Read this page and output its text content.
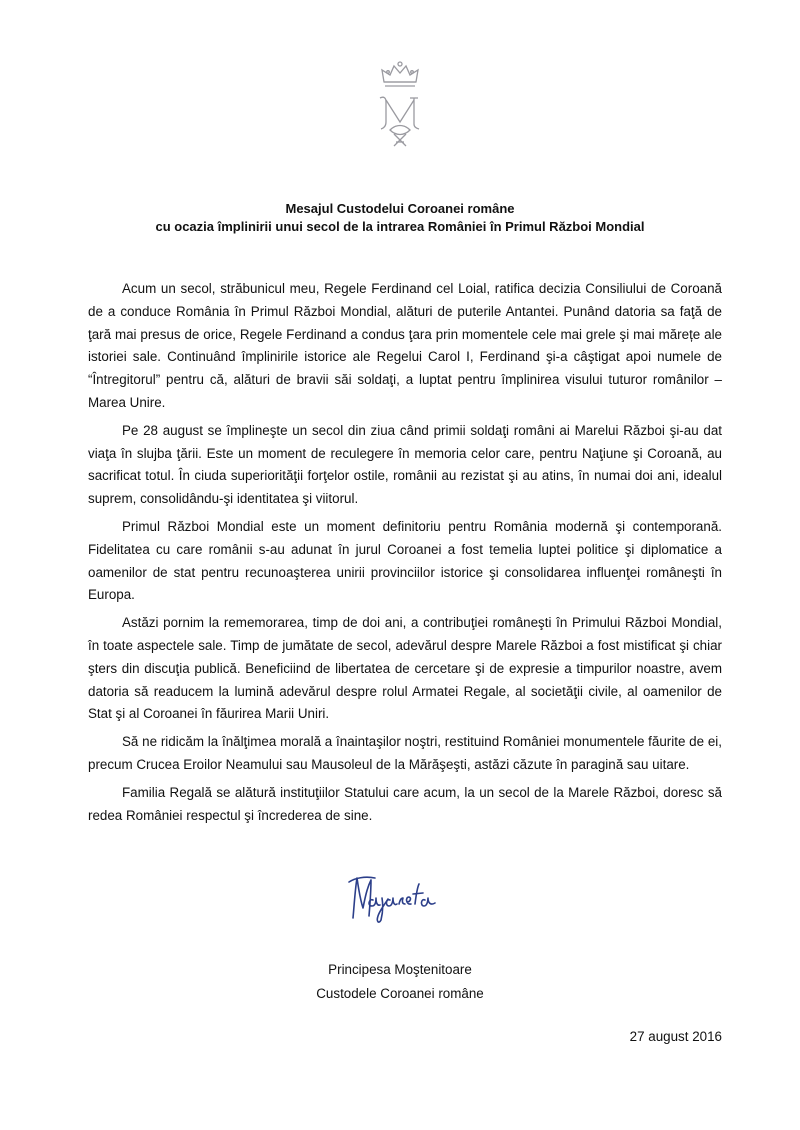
Mesajul Custodelui Coroanei române
cu ocazia împlinirii unui secol de la intrarea României în Primul Război Mondial

Acum un secol, străbunicul meu, Regele Ferdinand cel Loial, ratifica decizia Consiliului de Coroană de a conduce România în Primul Război Mondial, alături de puterile Antantei. Punând datoria sa faţă de ţară mai presus de orice, Regele Ferdinand a condus ţara prin momentele cele mai grele şi mai mărețe ale istoriei sale. Continuând împlinirile istorice ale Regelui Carol I, Ferdinand şi-a câştigat apoi numele de “Întregitorul” pentru că, alături de bravii săi soldaţi, a luptat pentru împlinirea visului tuturor românilor – Marea Unire.

Pe 28 august se împlineşte un secol din ziua când primii soldaţi români ai Marelui Război şi-au dat viaţa în slujba ţării. Este un moment de reculegere în memoria celor care, pentru Naţiune şi Coroană, au sacrificat totul. În ciuda superiorităţii forţelor ostile, românii au rezistat şi au atins, în numai doi ani, idealul suprem, consolidându-şi identitatea şi viitorul.

Primul Război Mondial este un moment definitoriu pentru România modernă şi contemporană. Fidelitatea cu care românii s-au adunat în jurul Coroanei a fost temelia luptei politice şi diplomatice a oamenilor de stat pentru recunoaşterea unirii provinciilor istorice şi consolidarea influenţei româneşti în Europa.

Astăzi pornim la rememorarea, timp de doi ani, a contribuţiei româneşti în Primului Război Mondial, în toate aspectele sale. Timp de jumătate de secol, adevărul despre Marele Război a fost mistificat şi chiar şters din discuţia publică. Beneficiind de libertatea de cercetare şi de expresie a timpurilor noastre, avem datoria să readucem la lumină adevărul despre rolul Armatei Regale, al societăţii civile, al oamenilor de Stat şi al Coroanei în făurirea Marii Uniri.

Să ne ridicăm la înălţimea morală a înaintaşilor noştri, restituind României monumentele făurite de ei, precum Crucea Eroilor Neamului sau Mausoleul de la Mărăşeşti, astăzi căzute în paragină sau uitare.

Familia Regală se alătură instituţiilor Statului care acum, la un secol de la Marele Război, doresc să redea României respectul şi încrederea de sine.

Principesa Moştenitoare
Custodele Coroanei române
27 august 2016
